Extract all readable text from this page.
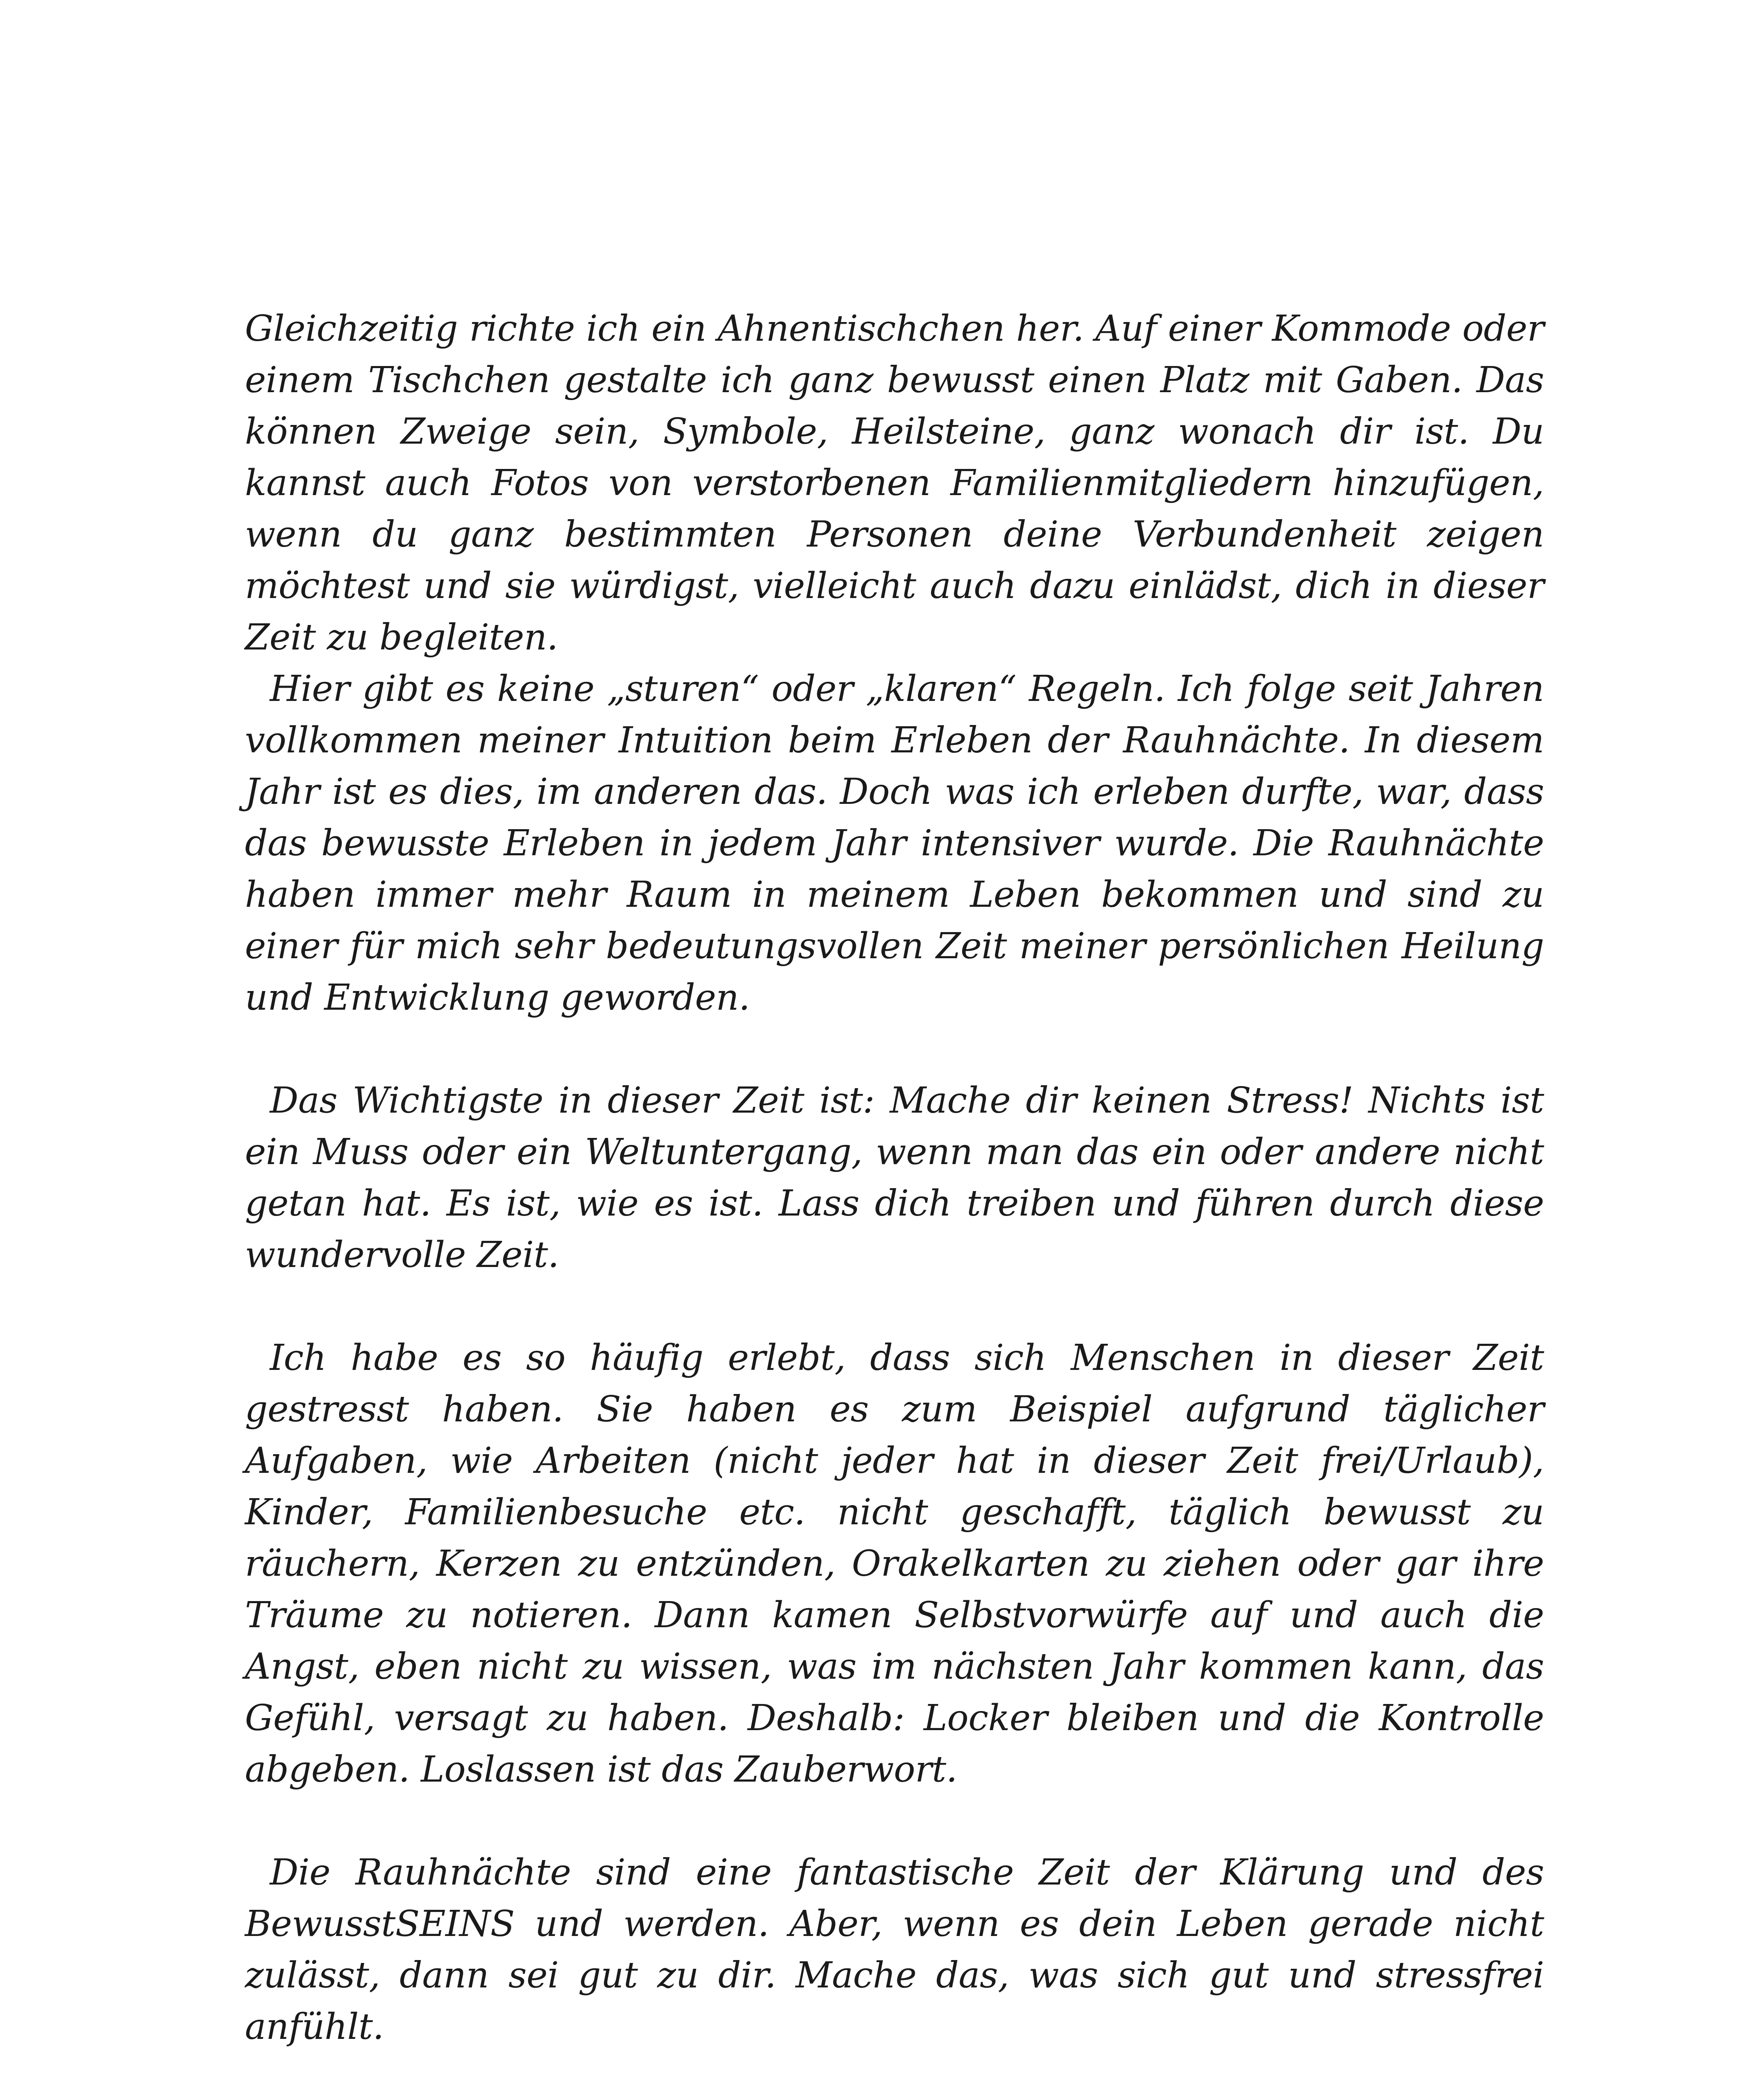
Gleichzeitig richte ich ein Ahnentischchen her. Auf einer Kommode oder einem Tischchen gestalte ich ganz bewusst einen Platz mit Gaben. Das können Zweige sein, Symbole, Heilsteine, ganz wonach dir ist. Du kannst auch Fotos von verstorbenen Familienmitgliedern hinzufügen, wenn du ganz bestimmten Personen deine Verbundenheit zeigen möchtest und sie würdigst, vielleicht auch dazu einlädst, dich in dieser Zeit zu begleiten.

Hier gibt es keine „sturen“ oder „klaren“ Regeln. Ich folge seit Jahren vollkommen meiner Intuition beim Erleben der Rauhnächte. In diesem Jahr ist es dies, im anderen das. Doch was ich erleben durfte, war, dass das bewusste Erleben in jedem Jahr intensiver wurde. Die Rauhnächte haben immer mehr Raum in meinem Leben bekommen und sind zu einer für mich sehr bedeutungsvollen Zeit meiner persönlichen Heilung und Entwicklung geworden.

Das Wichtigste in dieser Zeit ist: Mache dir keinen Stress! Nichts ist ein Muss oder ein Weltuntergang, wenn man das ein oder andere nicht getan hat. Es ist, wie es ist. Lass dich treiben und führen durch diese wundervolle Zeit.

Ich habe es so häufig erlebt, dass sich Menschen in dieser Zeit gestresst haben. Sie haben es zum Beispiel aufgrund täglicher Aufgaben, wie Arbeiten (nicht jeder hat in dieser Zeit frei/Urlaub), Kinder, Familienbesuche etc. nicht geschafft, täglich bewusst zu räuchern, Kerzen zu entzünden, Orakelkarten zu ziehen oder gar ihre Träume zu notieren. Dann kamen Selbstvorwürfe auf und auch die Angst, eben nicht zu wissen, was im nächsten Jahr kommen kann, das Gefühl, versagt zu haben. Deshalb: Locker bleiben und die Kontrolle abgeben. Loslassen ist das Zauberwort.

Die Rauhnächte sind eine fantastische Zeit der Klärung und des BewusstSEINS und werden. Aber, wenn es dein Leben gerade nicht zulässt, dann sei gut zu dir. Mache das, was sich gut und stressfrei anfühlt.
